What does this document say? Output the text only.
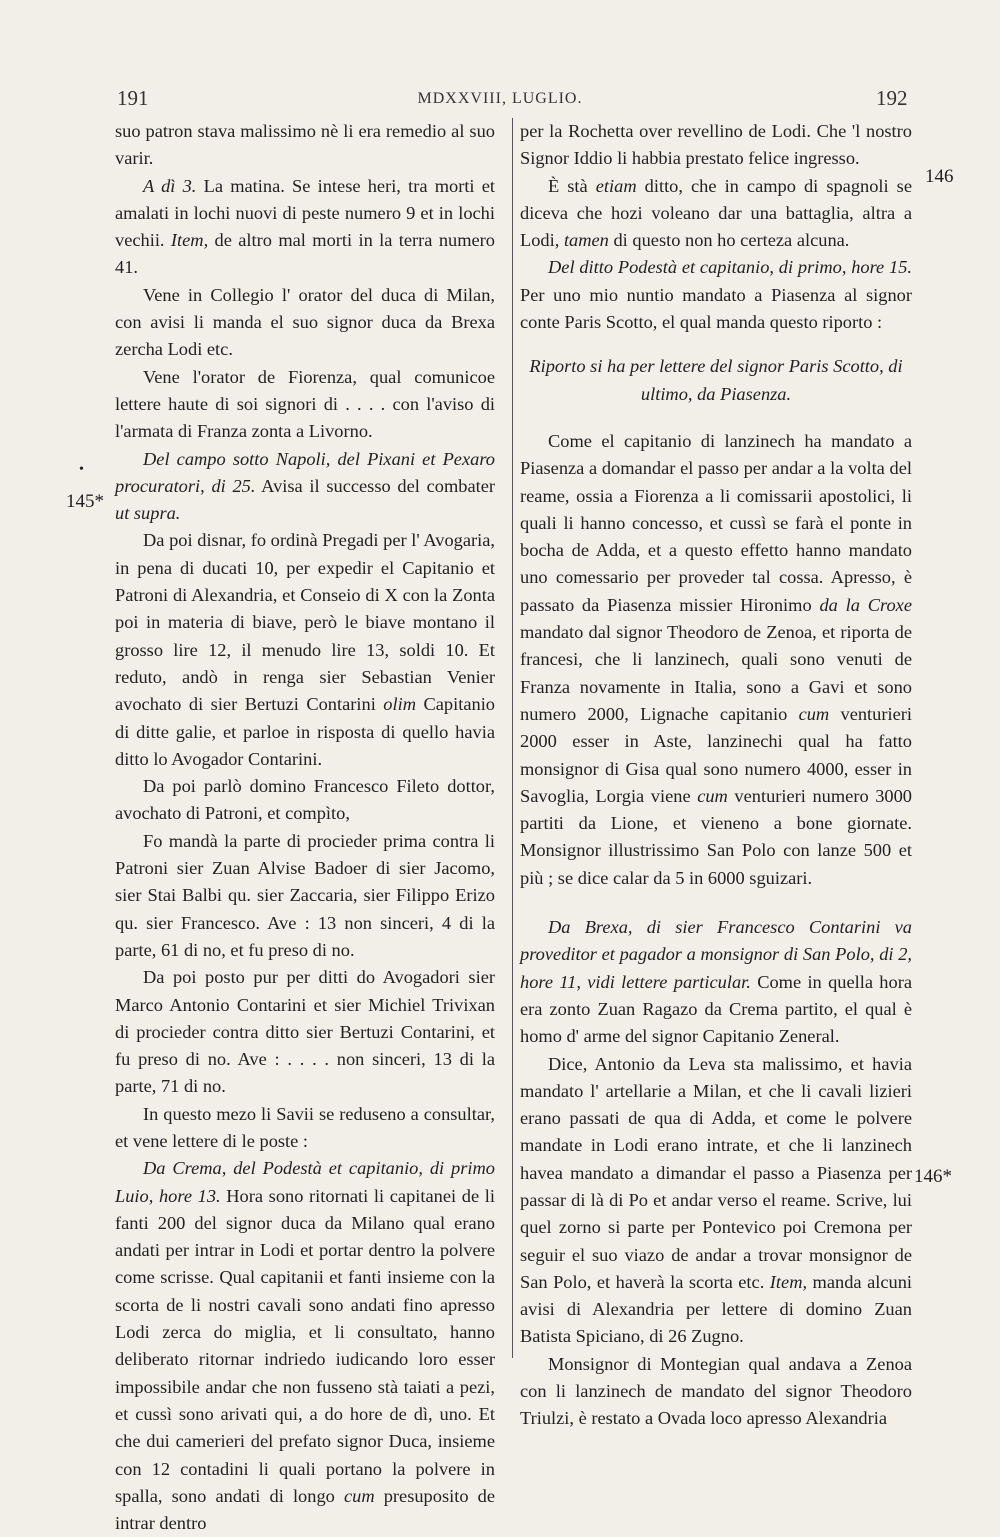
191	MDXXVIII, LUGLIO.	192
•
145*
146
146*

suo patron stava malissimo nè li era remedio al suo varir.

A dì 3. La matina. Se intese heri, tra morti et amalati in lochi nuovi di peste numero 9 et in lochi vechii. Item, de altro mal morti in la terra numero 41.

Vene in Collegio l' orator del duca di Milan, con avisi li manda el suo signor duca da Brexa zercha Lodi etc.

Vene l'orator de Fiorenza, qual comunicoe lettere haute di soi signori di . . . . con l'aviso di l'armata di Franza zonta a Livorno.

Del campo sotto Napoli, del Pixani et Pexaro procuratori, di 25. Avisa il successo del combater ut supra.

Da poi disnar, fo ordinà Pregadi per l' Avogaria, in pena di ducati 10, per expedir el Capitanio et Patroni di Alexandria, et Conseio di X con la Zonta poi in materia di biave, però le biave montano il grosso lire 12, il menudo lire 13, soldi 10. Et reduto, andò in renga sier Sebastian Venier avochato di sier Bertuzi Contarini olim Capitanio di ditte galie, et parloe in risposta di quello havia ditto lo Avogador Contarini.

Da poi parlò domino Francesco Fileto dottor, avochato di Patroni, et compìto,

Fo mandà la parte di procieder prima contra li Patroni sier Zuan Alvise Badoer di sier Jacomo, sier Stai Balbi qu. sier Zaccaria, sier Filippo Erizo qu. sier Francesco. Ave : 13 non sinceri, 4 di la parte, 61 di no, et fu preso di no.

Da poi posto pur per ditti do Avogadori sier Marco Antonio Contarini et sier Michiel Trivixan di procieder contra ditto sier Bertuzi Contarini, et fu preso di no. Ave : . . . . non sinceri, 13 di la parte, 71 di no.

In questo mezo li Savii se reduseno a consultar, et vene lettere di le poste :

Da Crema, del Podestà et capitanio, di primo Luio, hore 13. Hora sono ritornati li capitanei de li fanti 200 del signor duca da Milano qual erano andati per intrar in Lodi et portar dentro la polvere come scrisse. Qual capitanii et fanti insieme con la scorta de li nostri cavali sono andati fino apresso Lodi zerca do miglia, et li consultato, hanno deliberato ritornar indriedo iudicando loro esser impossibile andar che non fusseno stà taiati a pezi, et cussì sono arivati qui, a do hore de dì, uno. Et che dui camerieri del prefato signor Duca, insieme con 12 contadini li quali portano la polvere in spalla, sono andati di longo cum presuposito de intrar dentro

per la Rochetta over revellino de Lodi. Che 'l nostro Signor Iddio li habbia prestato felice ingresso.

È stà etiam ditto, che in campo di spagnoli se diceva che hozi voleano dar una battaglia, altra a Lodi, tamen di questo non ho certeza alcuna.

Del ditto Podestà et capitanio, di primo, hore 15. Per uno mio nuntio mandato a Piasenza al signor conte Paris Scotto, el qual manda questo riporto :

Riporto si ha per lettere del signor Paris Scotto, di ultimo, da Piasenza.

Come el capitanio di lanzinech ha mandato a Piasenza a domandar el passo per andar a la volta del reame, ossia a Fiorenza a li comissarii apostolici, li quali li hanno concesso, et cussì se farà el ponte in bocha de Adda, et a questo effetto hanno mandato uno comessario per proveder tal cossa. Apresso, è passato da Piasenza missier Hironimo da la Croxe mandato dal signor Theodoro de Zenoa, et riporta de francesi, che li lanzinech, quali sono venuti de Franza novamente in Italia, sono a Gavi et sono numero 2000, Lignache capitanio cum venturieri 2000 esser in Aste, lanzinechi qual ha fatto monsignor di Gisa qual sono numero 4000, esser in Savoglia, Lorgia viene cum venturieri numero 3000 partiti da Lione, et vieneno a bone giornate. Monsignor illustrissimo San Polo con lanze 500 et più ; se dice calar da 5 in 6000 sguizari.

Da Brexa, di sier Francesco Contarini va proveditor et pagador a monsignor di San Polo, di 2, hore 11, vidi lettere particular. Come in quella hora era zonto Zuan Ragazo da Crema partito, el qual è homo d' arme del signor Capitanio Zeneral.

Dice, Antonio da Leva sta malissimo, et havia mandato l' artellarie a Milan, et che li cavali lizieri erano passati de qua di Adda, et come le polvere mandate in Lodi erano intrate, et che li lanzinech havea mandato a dimandar el passo a Piasenza per passar di là di Po et andar verso el reame. Scrive, lui quel zorno si parte per Pontevico poi Cremona per seguir el suo viazo de andar a trovar monsignor de San Polo, et haverà la scorta etc. Item, manda alcuni avisi di Alexandria per lettere di domino Zuan Batista Spiciano, di 26 Zugno.

Monsignor di Montegian qual andava a Zenoa con li lanzinech de mandato del signor Theodoro Triulzi, è restato a Ovada loco apresso Alexandria
